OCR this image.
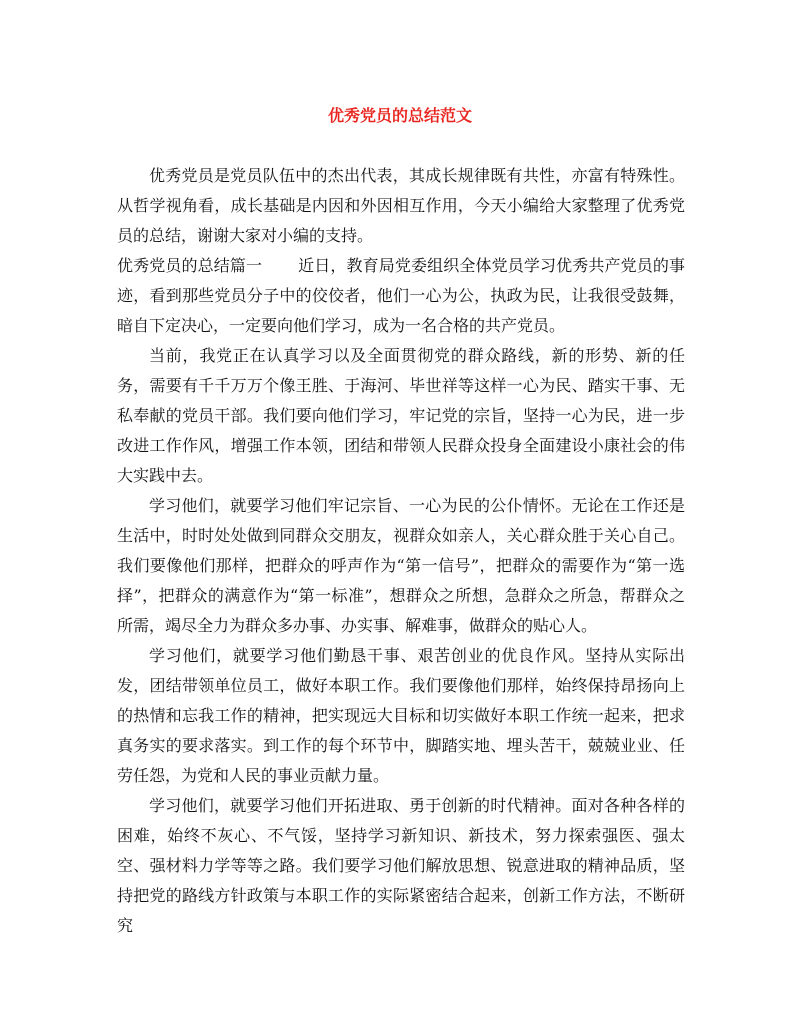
优秀党员的总结范文

优秀党员是党员队伍中的杰出代表，其成长规律既有共性，亦富有特殊性。从哲学视角看，成长基础是内因和外因相互作用，今天小编给大家整理了优秀党员的总结，谢谢大家对小编的支持。

优秀党员的总结篇一 近日，教育局党委组织全体党员学习优秀共产党员的事迹，看到那些党员分子中的佼佼者，他们一心为公，执政为民，让我很受鼓舞，暗自下定决心，一定要向他们学习，成为一名合格的共产党员。

当前，我党正在认真学习以及全面贯彻党的群众路线，新的形势、新的任务，需要有千千万万个像王胜、于海河、毕世祥等这样一心为民、踏实干事、无私奉献的党员干部。我们要向他们学习，牢记党的宗旨，坚持一心为民，进一步改进工作作风，增强工作本领，团结和带领人民群众投身全面建设小康社会的伟大实践中去。

学习他们，就要学习他们牢记宗旨、一心为民的公仆情怀。无论在工作还是生活中，时时处处做到同群众交朋友，视群众如亲人，关心群众胜于关心自己。我们要像他们那样，把群众的呼声作为“第一信号”，把群众的需要作为“第一选择”，把群众的满意作为“第一标准”，想群众之所想，急群众之所急，帮群众之所需，竭尽全力为群众多办事、办实事、解难事，做群众的贴心人。

学习他们，就要学习他们勤恳干事、艰苦创业的优良作风。坚持从实际出发，团结带领单位员工，做好本职工作。我们要像他们那样，始终保持昂扬向上的热情和忘我工作的精神，把实现远大目标和切实做好本职工作统一起来，把求真务实的要求落实。到工作的每个环节中，脚踏实地、埋头苦干，兢兢业业、任劳任怨，为党和人民的事业贡献力量。

学习他们，就要学习他们开拓进取、勇于创新的时代精神。面对各种各样的困难，始终不灰心、不气馁，坚持学习新知识、新技术，努力探索强医、强太空、强材料力学等等之路。我们要学习他们解放思想、锐意进取的精神品质，坚持把党的路线方针政策与本职工作的实际紧密结合起来，创新工作方法，不断研究
